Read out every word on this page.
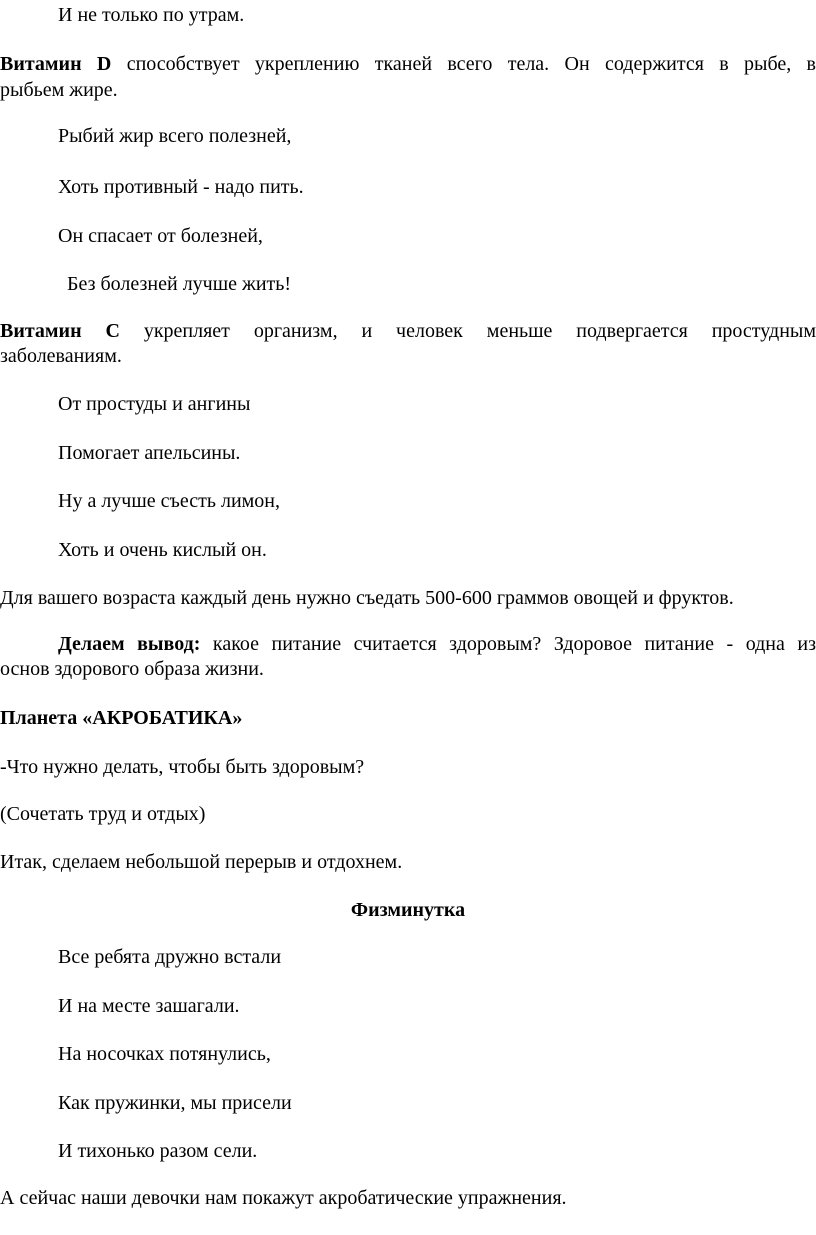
И не только по утрам.
Витамин D способствует укреплению тканей всего тела. Он содержится в рыбе, в
рыбьем жире.
Рыбий жир всего полезней,
Хоть противный - надо пить.
Он спасает от болезней,
Без болезней лучше жить!
Витамин C укрепляет организм, и человек меньше подвергается простудным
заболеваниям.
От простуды и ангины
Помогает апельсины.
Ну а лучше съесть лимон,
Хоть и очень кислый он.
Для вашего возраста каждый день нужно съедать 500-600 граммов овощей и фруктов.
Делаем вывод: какое питание считается здоровым? Здоровое питание - одна из
основ здорового образа жизни.
Планета «АКРОБАТИКА»
-Что нужно делать, чтобы быть здоровым?
(Сочетать труд и отдых)
Итак, сделаем небольшой перерыв и отдохнем.
Физминутка
Все ребята дружно встали
И на месте зашагали.
На носочках потянулись,
Как пружинки, мы присели
И тихонько разом сели.
А сейчас наши девочки нам покажут акробатические упражнения.
